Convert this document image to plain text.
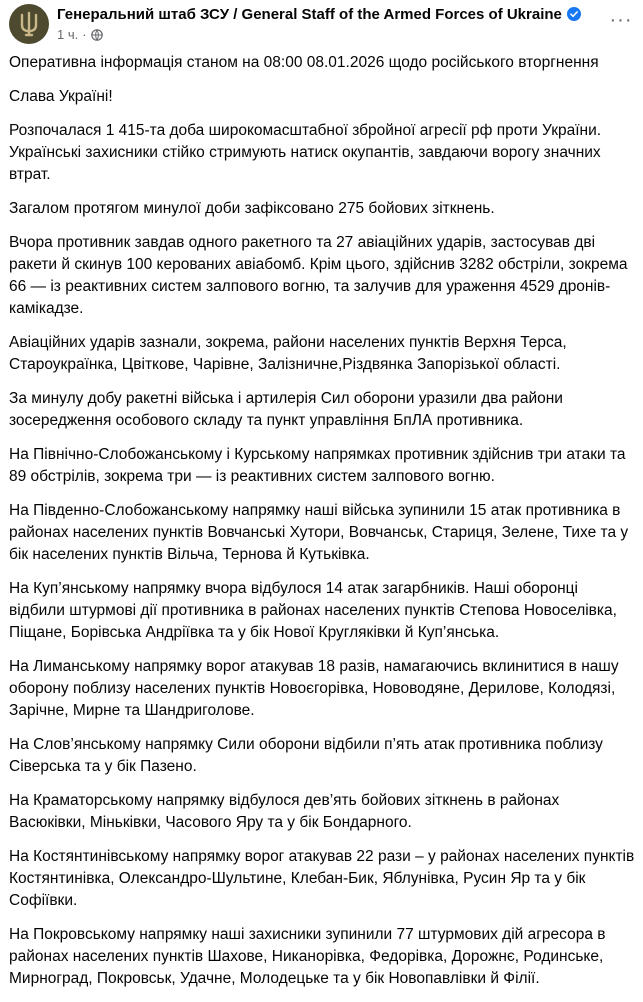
Генеральний штаб ЗСУ / General Staff of the Armed Forces of Ukraine
1 ч. ·
···

Оперативна інформація станом на 08:00 08.01.2026 щодо російського вторгнення

Слава Україні!

Розпочалася 1 415-та доба широкомасштабної збройної агресії рф проти України. Українські захисники стійко стримують натиск окупантів, завдаючи ворогу значних втрат.

Загалом протягом минулої доби зафіксовано 275 бойових зіткнень.

Вчора противник завдав одного ракетного та 27 авіаційних ударів, застосував дві ракети й скинув 100 керованих авіабомб. Крім цього, здійснив 3282 обстріли, зокрема 66 — із реактивних систем залпового вогню, та залучив для ураження 4529 дронів-камікадзе.

Авіаційних ударів зазнали, зокрема, райони населених пунктів Верхня Терса, Староукраїнка, Цвіткове, Чарівне, Залізничне,Різдвянка Запорізької області.

За минулу добу ракетні війська і артилерія Сил оборони уразили два райони зосередження особового складу та пункт управління БпЛА противника.

На Північно-Слобожанському і Курському напрямках противник здійснив три атаки та 89 обстрілів, зокрема три — із реактивних систем залпового вогню.

На Південно-Слобожанському напрямку наші війська зупинили 15 атак противника в районах населених пунктів Вовчанські Хутори, Вовчанськ, Стариця, Зелене, Тихе та у бік населених пунктів Вільча, Тернова й Кутьківка.

На Куп’янському напрямку вчора відбулося 14 атак загарбників. Наші оборонці відбили штурмові дії противника в районах населених пунктів Степова Новоселівка, Піщане, Борівська Андріївка та у бік Нової Кругляківки й Куп’янська.

На Лиманському напрямку ворог атакував 18 разів, намагаючись вклинитися в нашу оборону поблизу населених пунктів Новоєгорівка, Нововодяне, Дерилове, Колодязі, Зарічне, Мирне та Шандриголове.

На Слов’янському напрямку Сили оборони відбили п’ять атак противника поблизу Сіверська та у бік Пазено.

На Краматорському напрямку відбулося дев’ять бойових зіткнень в районах Васюківки, Міньківки, Часового Яру та у бік Бондарного.

На Костянтинівському напрямку ворог атакував 22 рази – у районах населених пунктів Костянтинівка, Олександро-Шультине, Клебан-Бик, Яблунівка, Русин Яр та у бік Софіївки.

На Покровському напрямку наші захисники зупинили 77 штурмових дій агресора в районах населених пунктів Шахове, Никанорівка, Федорівка, Дорожнє, Родинське, Мирноград, Покровськ, Удачне, Молодецьке та у бік Новопавлівки й Філії.
